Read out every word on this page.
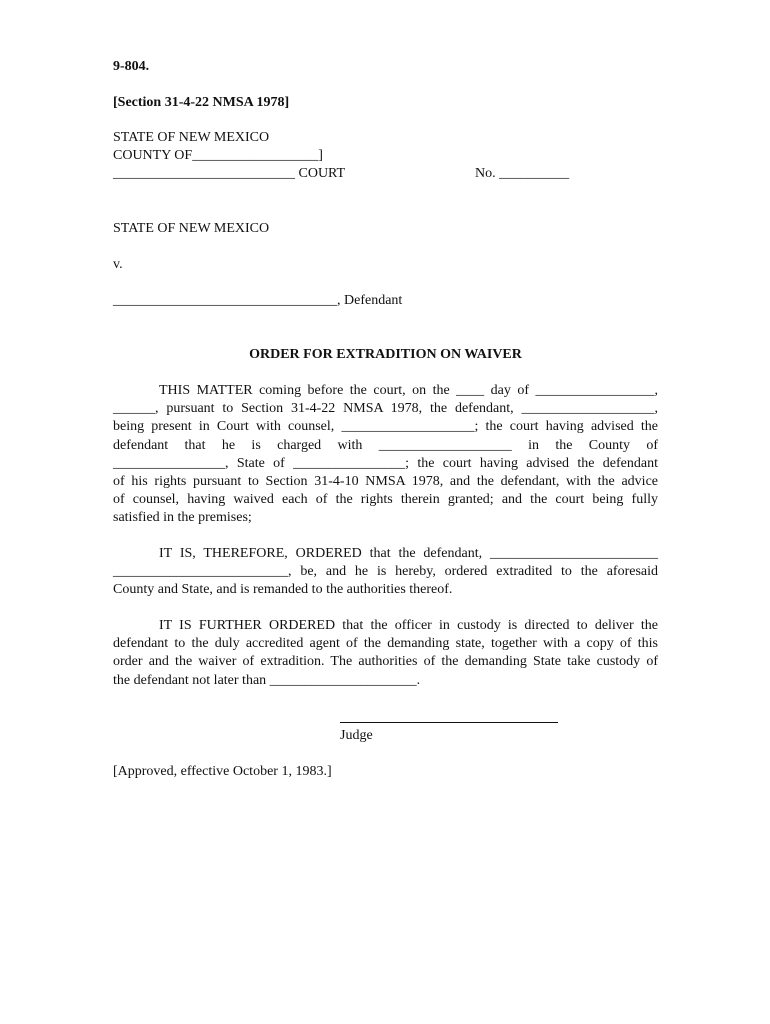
9-804.
[Section 31-4-22 NMSA 1978]
STATE OF NEW MEXICO
COUNTY OF__________________]
__________________________ COURT	No. __________
STATE OF NEW MEXICO
v.
________________________________, Defendant
ORDER FOR EXTRADITION ON WAIVER
THIS MATTER coming before the court, on the ____ day of _________________,
______, pursuant to Section 31-4-22 NMSA 1978, the defendant, ___________________,
being present in Court with counsel, ___________________; the court having advised the
defendant that he is charged with ___________________ in the County of
________________, State of ________________; the court having advised the defendant
of his rights pursuant to Section 31-4-10 NMSA 1978, and the defendant, with the advice
of counsel, having waived each of the rights therein granted; and the court being fully
satisfied in the premises;
IT IS, THEREFORE, ORDERED that the defendant, ________________________
_________________________, be, and he is hereby, ordered extradited to the aforesaid
County and State, and is remanded to the authorities thereof.
IT IS FURTHER ORDERED that the officer in custody is directed to deliver the
defendant to the duly accredited agent of the demanding state, together with a copy of this
order and the waiver of extradition. The authorities of the demanding State take custody of
the defendant not later than _____________________.
Judge
[Approved, effective October 1, 1983.]
